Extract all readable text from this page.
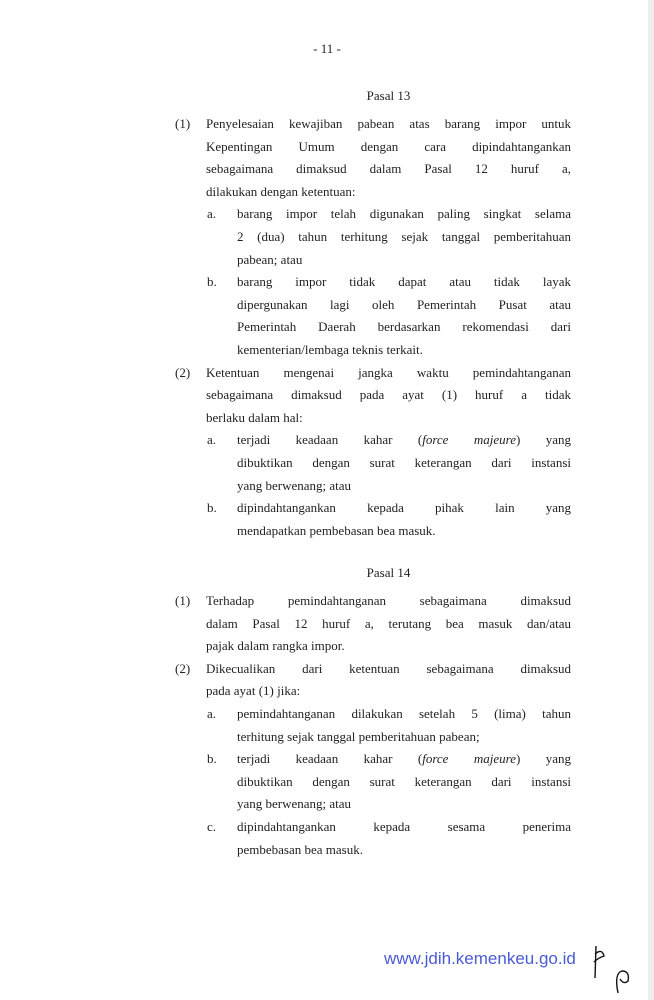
- 11 -
Pasal 13
(1) Penyelesaian kewajiban pabean atas barang impor untuk
Kepentingan Umum dengan cara dipindahtangankan
sebagaimana dimaksud dalam Pasal 12 huruf a,
dilakukan dengan ketentuan:
a. barang impor telah digunakan paling singkat selama
2 (dua) tahun terhitung sejak tanggal pemberitahuan
pabean; atau
b. barang impor tidak dapat atau tidak layak
dipergunakan lagi oleh Pemerintah Pusat atau
Pemerintah Daerah berdasarkan rekomendasi dari
kementerian/lembaga teknis terkait.
(2) Ketentuan mengenai jangka waktu pemindahtanganan
sebagaimana dimaksud pada ayat (1) huruf a tidak
berlaku dalam hal:
a. terjadi keadaan kahar (force majeure) yang
dibuktikan dengan surat keterangan dari instansi
yang berwenang; atau
b. dipindahtangankan kepada pihak lain yang
mendapatkan pembebasan bea masuk.
Pasal 14
(1) Terhadap pemindahtanganan sebagaimana dimaksud
dalam Pasal 12 huruf a, terutang bea masuk dan/atau
pajak dalam rangka impor.
(2) Dikecualikan dari ketentuan sebagaimana dimaksud
pada ayat (1) jika:
a. pemindahtanganan dilakukan setelah 5 (lima) tahun
terhitung sejak tanggal pemberitahuan pabean;
b. terjadi keadaan kahar (force majeure) yang
dibuktikan dengan surat keterangan dari instansi
yang berwenang; atau
c. dipindahtangankan kepada sesama penerima
pembebasan bea masuk.
www.jdih.kemenkeu.go.id
